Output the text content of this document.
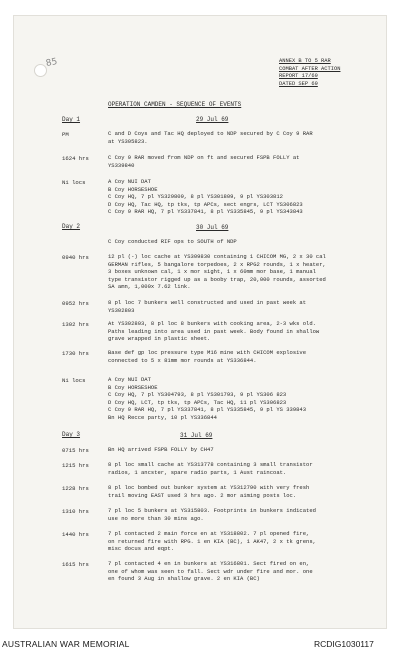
85	ANNEX B TO 5 RAR
COMBAT AFTER ACTION
REPORT 17/69
DATED SEP 69
OPERATION CAMDEN - SEQUENCE OF EVENTS
Day 1	29 Jul 69
PM	C and D Coys and Tac HQ deployed to NDP secured by C Coy 9 RAR
at YS305823.
1624 hrs	C Coy 9 RAR moved from NDP on ft and secured FSPB FOLLY at
YS339840
Ni locs	A Coy NUI DAT
B Coy HORSESHOE
C Coy HQ, 7 pl YS329809, 8 pl YS301809, 9 pl YS303812
D Coy HQ, Tac HQ, tp tks, tp APCs, sect engrs, LCT YS306823
C Coy 9 RAR HQ, 7 pl YS337841, 8 pl YS335845, 9 pl YS343843
Day 2	30 Jul 69
C Coy conducted RIF ops to SOUTH of NDP
0940 hrs	12 pl (-) loc cache at YS309830 containing 1 CHICOM MG, 2 x 30 cal
GERMAN rifles, 5 bangalore torpedoes, 2 x RPG2 rounds, 1 x heater,
3 boxes unknown cal, 1 x mor sight, 1 x 60mm mor base, 1 manual
type transistor rigged up as a booby trap, 20,000 rounds, assorted
SA amn, 1,000x 7.62 link.
0952 hrs	8 pl loc 7 bunkers well constructed and used in past week at
YS302803
1302 hrs	At YS302803, 8 pl loc 8 bunkers with cooking area, 2-3 wks old.
Paths leading into area used in past week. Body found in shallow
grave wrapped in plastic sheet.
1730 hrs	Base def gp loc pressure type M16 mine with CHICOM explosive
connected to 5 x 81mm mor rounds at YS336844.
Ni locs	A Coy NUI DAT
B Coy HORSESHOE
C Coy HQ, 7 pl YS304793, 8 pl YS301793, 9 pl YS306 823
D Coy HQ, LCT, tp tks, tp APCs, Tac HQ, 11 pl YS306823
C Coy 9 RAR HQ, 7 pl YS337841, 8 pl YS335845, 9 pl YS 339843
Bn HQ Recce party, 10 pl YS336844
Day 3	31 Jul 69
0715 hrs	Bn HQ arrived FSPB FOLLY by CH47
1215 hrs	8 pl loc small cache at YS313778 containing 3 small transistor
radios, 1 ancster, spare radio parts, 1 Aust raincoat.
1228 hrs	8 pl loc bombed out bunker system at YS312790 with very fresh
trail moving EAST used 3 hrs ago. 2 mor aiming posts loc.
1310 hrs	7 pl loc 5 bunkers at YS315803. Footprints in bunkers indicated
use no more than 30 mins ago.
1440 hrs	7 pl contacted 2 main force en at YS318802. 7 pl opened fire,
on returned fire with RPG. 1 en KIA (BC), 1 AK47, 2 x tk grens,
misc docus and eqpt.
1615 hrs	7 pl contacted 4 en in bunkers at YS316801. Sect fired on en,
one of whom was seen to fall. Sect wdr under fire and mor. one
en found 3 Aug in shallow grave. 2 en KIA (BC)
AUSTRALIAN WAR MEMORIAL	RCDIG1030117
